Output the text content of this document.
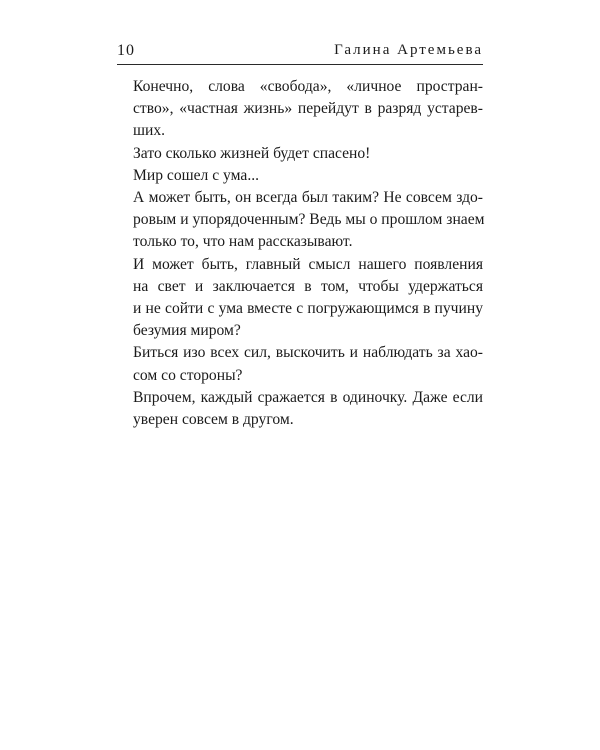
10	Галина Артемьева

Конечно, слова «свобода», «личное простран-
ство», «частная жизнь» перейдут в разряд устарев-
ших.

Зато сколько жизней будет спасено!

Мир сошел с ума...

А может быть, он всегда был таким? Не совсем здо-
ровым и упорядоченным? Ведь мы о прошлом знаем
только то, что нам рассказывают.

И может быть, главный смысл нашего появления
на свет и заключается в том, чтобы удержаться
и не сойти с ума вместе с погружающимся в пучину
безумия миром?

Биться изо всех сил, выскочить и наблюдать за хао-
сом со стороны?

Впрочем, каждый сражается в одиночку. Даже если
уверен совсем в другом.
